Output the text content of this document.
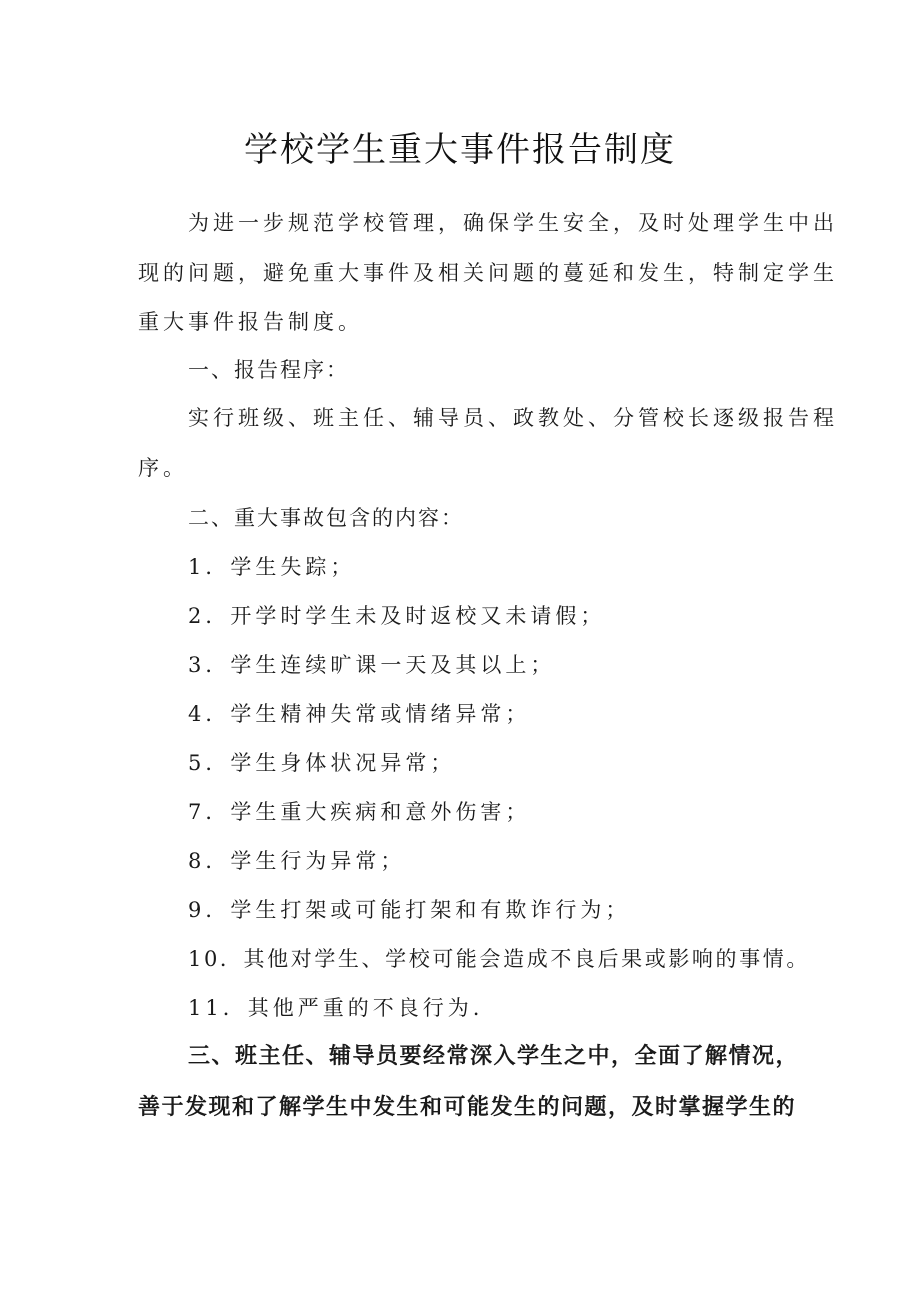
学校学生重大事件报告制度
为进一步规范学校管理，确保学生安全，及时处理学生中出
现的问题，避免重大事件及相关问题的蔓延和发生，特制定学生
重大事件报告制度。
一、报告程序：
实行班级、班主任、辅导员、政教处、分管校长逐级报告程
序。
二、重大事故包含的内容：
1．学生失踪；
2．开学时学生未及时返校又未请假；
3．学生连续旷课一天及其以上；
4．学生精神失常或情绪异常；
5．学生身体状况异常；
7．学生重大疾病和意外伤害；
8．学生行为异常；
9．学生打架或可能打架和有欺诈行为；
10．其他对学生、学校可能会造成不良后果或影响的事情。
11．其他严重的不良行为.
三、班主任、辅导员要经常深入学生之中，全面了解情况，
善于发现和了解学生中发生和可能发生的问题，及时掌握学生的
